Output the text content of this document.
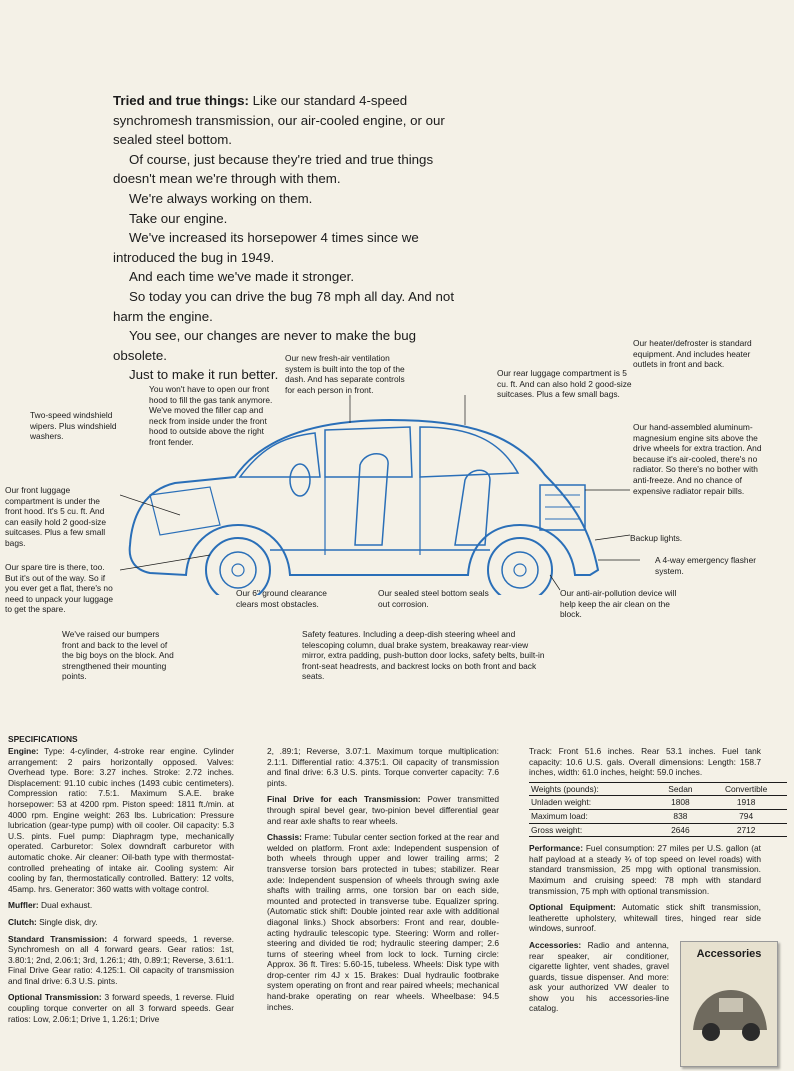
Tried and true things: Like our standard 4-speed synchromesh transmission, our air-cooled engine, or our sealed steel bottom.

Of course, just because they're tried and true things doesn't mean we're through with them.

We're always working on them.

Take our engine.

We've increased its horsepower 4 times since we introduced the bug in 1949.

And each time we've made it stronger.

So today you can drive the bug 78 mph all day. And not harm the engine.

You see, our changes are never to make the bug obsolete.

Just to make it run better.

Our heater/defroster is standard equipment. And includes heater outlets in front and back.
Our new fresh-air ventilation system is built into the top of the dash. And has separate controls for each person in front.
Our rear luggage compartment is 5 cu. ft. And can also hold 2 good-size suitcases. Plus a few small bags.
You won't have to open our front hood to fill the gas tank anymore. We've moved the filler cap and neck from inside under the front hood to outside above the right front fender.
Two-speed windshield wipers. Plus windshield washers.
Our hand-assembled aluminum-magnesium engine sits above the drive wheels for extra traction. And because it's air-cooled, there's no radiator. So there's no bother with anti-freeze. And no chance of expensive radiator repair bills.
Our front luggage compartment is under the front hood. It's 5 cu. ft. And can easily hold 2 good-size suitcases. Plus a few small bags.	Backup lights.
A 4-way emergency flasher system.
Our spare tire is there, too. But it's out of the way. So if you ever get a flat, there's no need to unpack your luggage to get the spare.
Our 6" ground clearance clears most obstacles.
Our sealed steel bottom seals out corrosion.
Our anti-air-pollution device will help keep the air clean on the block.
We've raised our bumpers front and back to the level of the big boys on the block. And strengthened their mounting points.
Safety features. Including a deep-dish steering wheel and telescoping column, dual brake system, breakaway rear-view mirror, extra padding, push-button door locks, safety belts, built-in front-seat headrests, and backrest locks on both front and back seats.
SPECIFICATIONS

Engine: Type: 4-cylinder, 4-stroke rear engine. Cylinder arrangement: 2 pairs horizontally opposed. Valves: Overhead type. Bore: 3.27 inches. Stroke: 2.72 inches. Displacement: 91.10 cubic inches (1493 cubic centimeters). Compression ratio: 7.5:1. Maximum S.A.E. brake horsepower: 53 at 4200 rpm. Piston speed: 1811 ft./min. at 4000 rpm. Engine weight: 263 lbs. Lubrication: Pressure lubrication (gear-type pump) with oil cooler. Oil capacity: 5.3 U.S. pints. Fuel pump: Diaphragm type, mechanically operated. Carburetor: Solex downdraft carburetor with automatic choke. Air cleaner: Oil-bath type with thermostat-controlled preheating of intake air. Cooling system: Air cooling by fan, thermostatically controlled. Battery: 12 volts, 45amp. hrs. Generator: 360 watts with voltage control.

Muffler: Dual exhaust.

Clutch: Single disk, dry.

Standard Transmission: 4 forward speeds, 1 reverse. Synchromesh on all 4 forward gears. Gear ratios: 1st, 3.80:1; 2nd, 2.06:1; 3rd, 1.26:1; 4th, 0.89:1; Reverse, 3.61:1. Final Drive Gear ratio: 4.125:1. Oil capacity of transmission and final drive: 6.3 U.S. pints.

Optional Transmission: 3 forward speeds, 1 reverse. Fluid coupling torque converter on all 3 forward speeds. Gear ratios: Low, 2.06:1; Drive 1, 1.26:1; Drive

2, .89:1; Reverse, 3.07:1. Maximum torque multiplication: 2.1:1. Differential ratio: 4.375:1. Oil capacity of transmission and final drive: 6.3 U.S. pints. Torque converter capacity: 7.6 pints.

Final Drive for each Transmission: Power transmitted through spiral bevel gear, two-pinion bevel differential gear and rear axle shafts to rear wheels.

Chassis: Frame: Tubular center section forked at the rear and welded on platform. Front axle: Independent suspension of both wheels through upper and lower trailing arms; 2 transverse torsion bars protected in tubes; stabilizer. Rear axle: Independent suspension of wheels through swing axle shafts with trailing arms, one torsion bar on each side, mounted and protected in transverse tube. Equalizer spring. (Automatic stick shift: Double jointed rear axle with additional diagonal links.) Shock absorbers: Front and rear, double-acting hydraulic telescopic type. Steering: Worm and roller-steering and divided tie rod; hydraulic steering damper; 2.6 turns of steering wheel from lock to lock. Turning circle: Approx. 36 ft. Tires: 5.60-15, tubeless. Wheels: Disk type with drop-center rim 4J x 15. Brakes: Dual hydraulic footbrake system operating on front and rear paired wheels; mechanical hand-brake operating on rear wheels. Wheelbase: 94.5 inches.

Track: Front 51.6 inches. Rear 53.1 inches. Fuel tank capacity: 10.6 U.S. gals. Overall dimensions: Length: 158.7 inches, width: 61.0 inches, height: 59.0 inches.

Weights (pounds):	Sedan	Convertible
Unladen weight:	1808	1918
Maximum load:	838	794
Gross weight:	2646	2712

Performance: Fuel consumption: 27 miles per U.S. gallon (at half payload at a steady ¾ of top speed on level roads) with standard transmission, 25 mpg with optional transmission. Maximum and cruising speed: 78 mph with standard transmission, 75 mph with optional transmission.

Optional Equipment: Automatic stick shift transmission, leatherette upholstery, whitewall tires, hinged rear side windows, sunroof.

Accessories: Radio and antenna, rear speaker, air conditioner, cigarette lighter, vent shades, gravel guards, tissue dispenser. And more: ask your authorized VW dealer to show you his accessories-line catalog.

Accessories
